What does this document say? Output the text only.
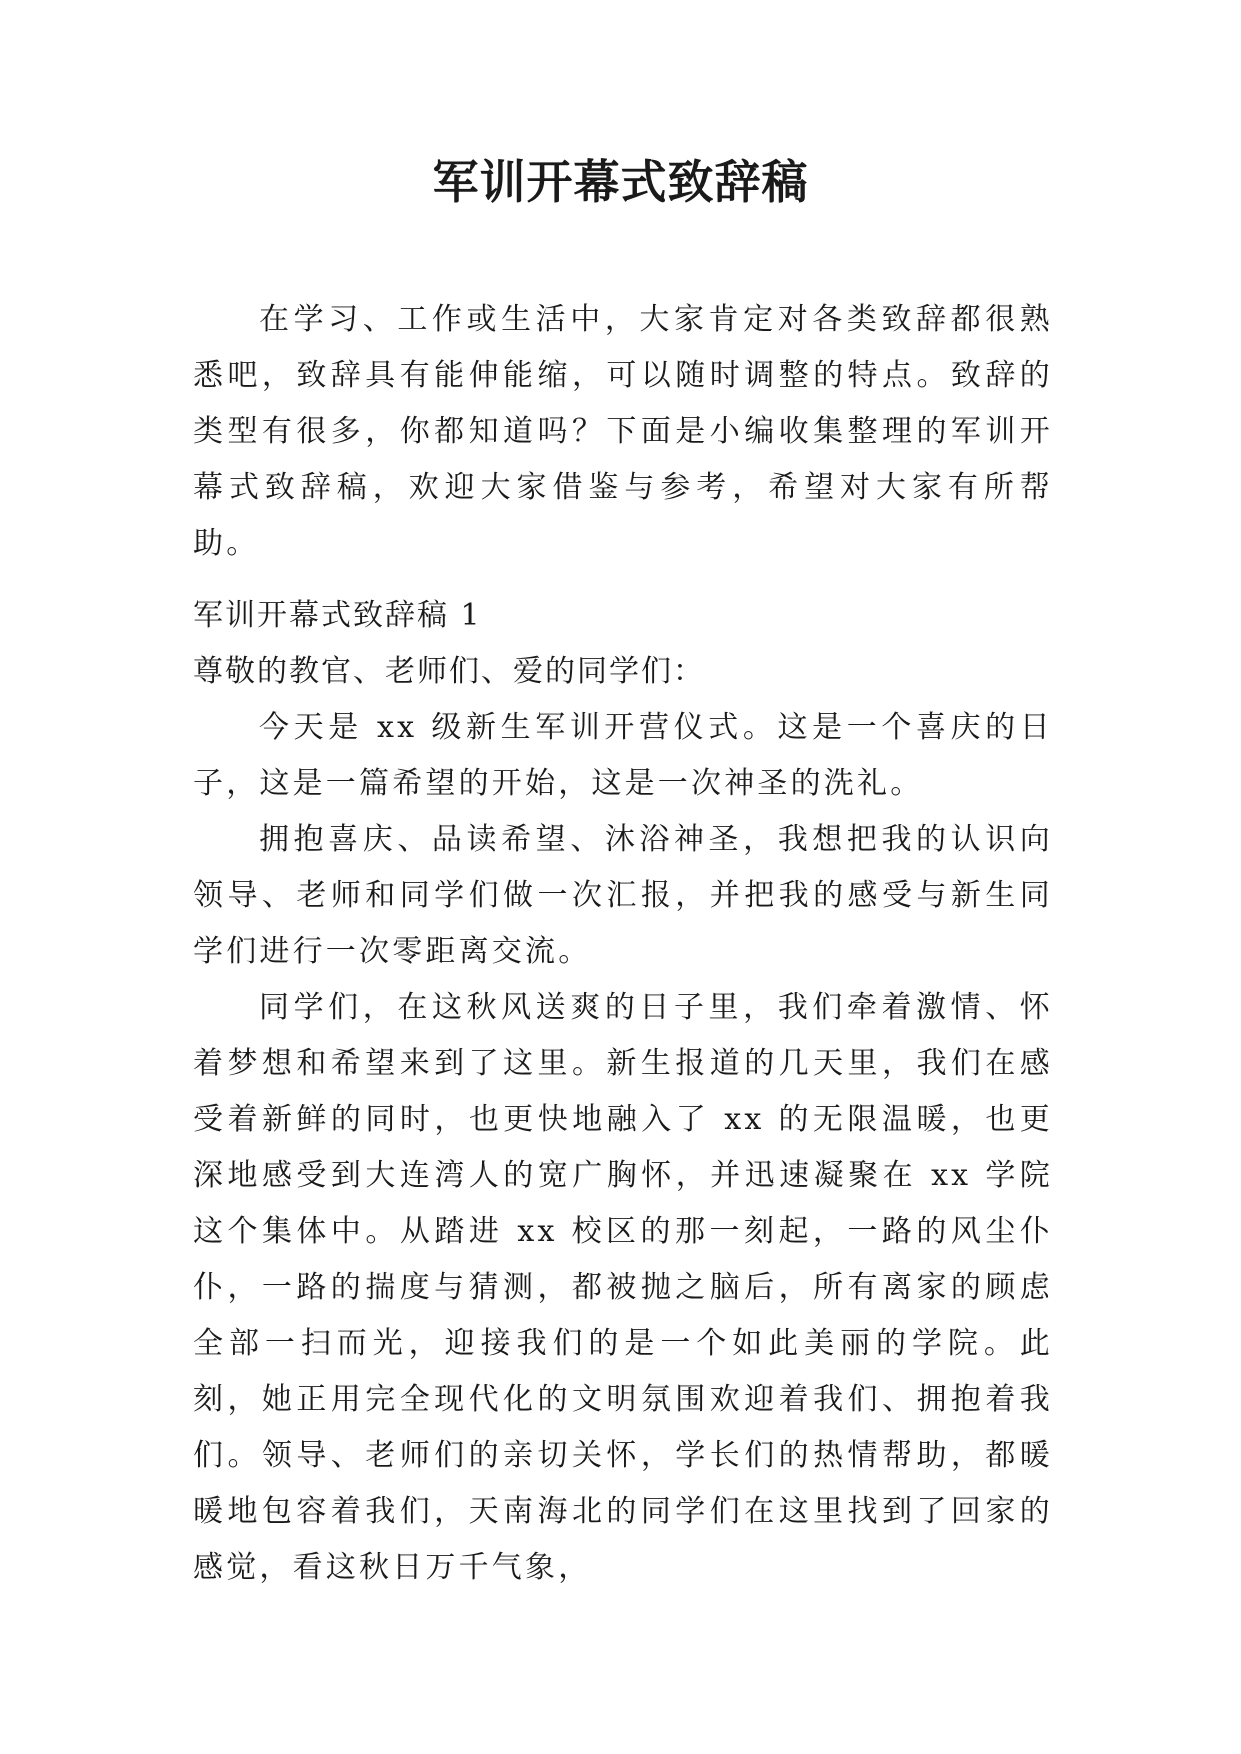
军训开幕式致辞稿

在学习、工作或生活中，大家肯定对各类致辞都很熟悉吧，致辞具有能伸能缩，可以随时调整的特点。致辞的类型有很多，你都知道吗？下面是小编收集整理的军训开幕式致辞稿，欢迎大家借鉴与参考，希望对大家有所帮助。

军训开幕式致辞稿 1

尊敬的教官、老师们、爱的同学们：

今天是 xx 级新生军训开营仪式。这是一个喜庆的日子，这是一篇希望的开始，这是一次神圣的洗礼。

拥抱喜庆、品读希望、沐浴神圣，我想把我的认识向领导、老师和同学们做一次汇报，并把我的感受与新生同学们进行一次零距离交流。

同学们，在这秋风送爽的日子里，我们牵着激情、怀着梦想和希望来到了这里。新生报道的几天里，我们在感受着新鲜的同时，也更快地融入了 xx 的无限温暖，也更深地感受到大连湾人的宽广胸怀，并迅速凝聚在 xx 学院这个集体中。从踏进 xx 校区的那一刻起，一路的风尘仆仆，一路的揣度与猜测，都被抛之脑后，所有离家的顾虑全部一扫而光，迎接我们的是一个如此美丽的学院。此刻，她正用完全现代化的文明氛围欢迎着我们、拥抱着我们。领导、老师们的亲切关怀，学长们的热情帮助，都暖暖地包容着我们，天南海北的同学们在这里找到了回家的感觉，看这秋日万千气象，
